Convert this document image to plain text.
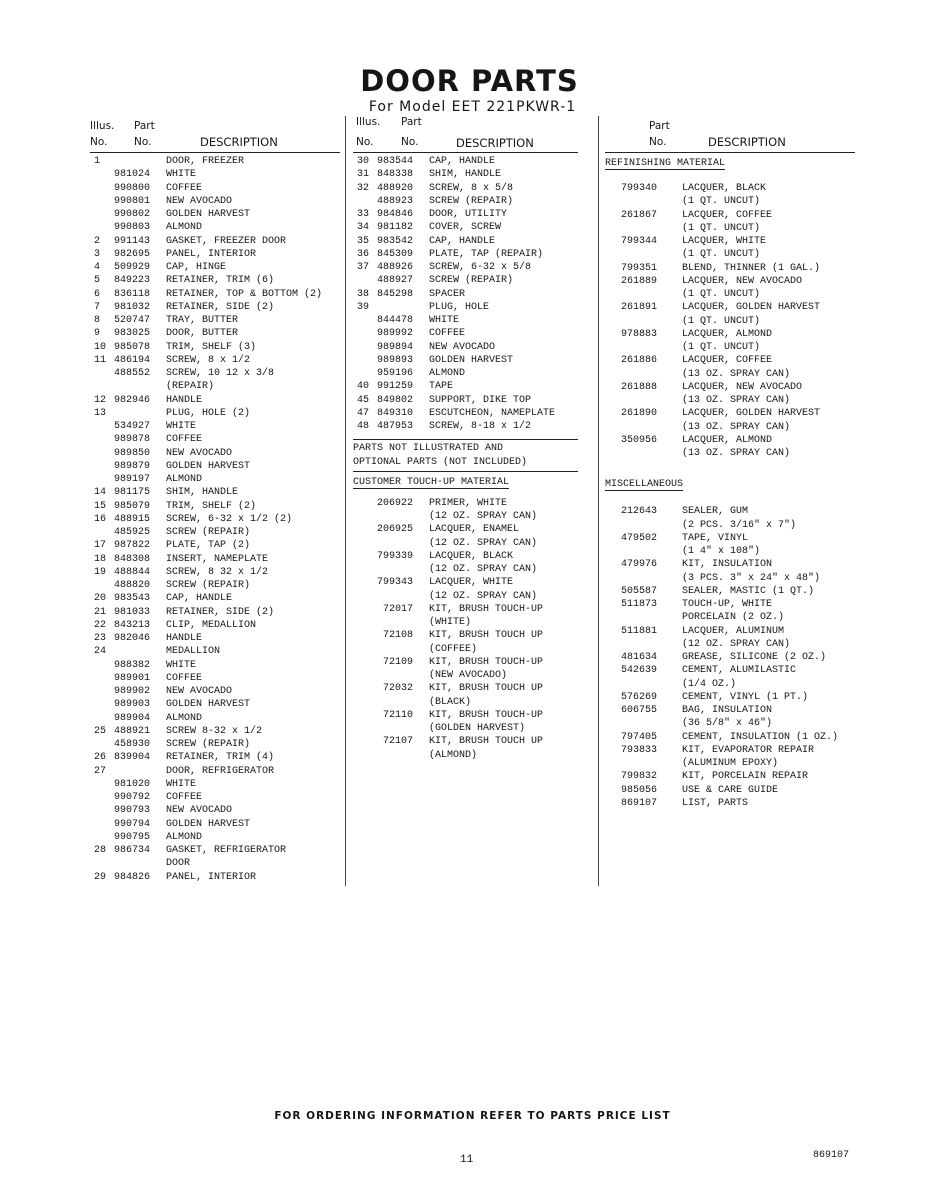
DOOR PARTS
For Model EET 221PKWR-1
Illus. Part
No.	No.	DESCRIPTION
1	DOOR, FREEZER
981024 WHITE
990800 COFFEE
990801 NEW AVOCADO
990802 GOLDEN HARVEST
990803 ALMOND
2	991143 GASKET, FREEZER DOOR
3	982695 PANEL, INTERIOR
4	509929 CAP, HINGE
5	849223 RETAINER, TRIM (6)
6	836118 RETAINER, TOP & BOTTOM (2)
7	981032 RETAINER, SIDE (2)
8	520747 TRAY, BUTTER
9	983025 DOOR, BUTTER
10 985078 TRIM, SHELF (3)
11 486194 SCREW, 8 x 1/2
488552 SCREW, 10 12 x 3/8
(REPAIR)
12 982946 HANDLE
13	PLUG, HOLE (2)
534927 WHITE
989878 COFFEE
989850 NEW AVOCADO
989879 GOLDEN HARVEST
989197 ALMOND
14 981175 SHIM, HANDLE
15 985079 TRIM, SHELF (2)
16 488915 SCREW, 6-32 x 1/2 (2)
485925 SCREW (REPAIR)
17 987822 PLATE, TAP (2)
18 848308 INSERT, NAMEPLATE
19 488844 SCREW, 8 32 x 1/2
488820 SCREW (REPAIR)
20 983543 CAP, HANDLE
21 981033 RETAINER, SIDE (2)
22 843213 CLIP, MEDALLION
23 982046 HANDLE
24	MEDALLION
988382 WHITE
989901 COFFEE
989902 NEW AVOCADO
989903 GOLDEN HARVEST
989904 ALMOND
25 488921 SCREW 8-32 x 1/2
458930 SCREW (REPAIR)
26 839904 RETAINER, TRIM (4)
27	DOOR, REFRIGERATOR
981020 WHITE
990792 COFFEE
990793 NEW AVOCADO
990794 GOLDEN HARVEST
990795 ALMOND
28 986734 GASKET, REFRIGERATOR
DOOR
29 984826 PANEL, INTERIOR
Illus. Part
No.	No.	DESCRIPTION
30 983544 CAP, HANDLE
31 848338 SHIM, HANDLE
32 488920 SCREW, 8 x 5/8
488923 SCREW (REPAIR)
33 984846 DOOR, UTILITY
34 981182 COVER, SCREW
35 983542 CAP, HANDLE
36 845309 PLATE, TAP (REPAIR)
37 488926 SCREW, 6-32 x 5/8
488927 SCREW (REPAIR)
38 845298 SPACER
39	PLUG, HOLE
844478 WHITE
989992 COFFEE
989894 NEW AVOCADO
989893 GOLDEN HARVEST
959196 ALMOND
40 991259 TAPE
45 849802 SUPPORT, DIKE TOP
47 849310 ESCUTCHEON, NAMEPLATE
48 487953 SCREW, 8-18 x 1/2
PARTS NOT ILLUSTRATED AND
OPTIONAL PARTS (NOT INCLUDED)
CUSTOMER TOUCH-UP MATERIAL
206922 PRIMER, WHITE
(12 OZ. SPRAY CAN)
206925 LACQUER, ENAMEL
(12 OZ. SPRAY CAN)
799339 LACQUER, BLACK
(12 OZ. SPRAY CAN)
799343 LACQUER, WHITE
(12 OZ. SPRAY CAN)
72017 KIT, BRUSH TOUCH-UP
(WHITE)
72108 KIT, BRUSH TOUCH UP
(COFFEE)
72109 KIT, BRUSH TOUCH-UP
(NEW AVOCADO)
72032 KIT, BRUSH TOUCH UP
(BLACK)
72110 KIT, BRUSH TOUCH-UP
(GOLDEN HARVEST)
72107 KIT, BRUSH TOUCH UP
(ALMOND)
Part
No.	DESCRIPTION
REFINISHING MATERIAL
799340	LACQUER, BLACK
(1 QT. UNCUT)
261867	LACQUER, COFFEE
(1 QT. UNCUT)
799344	LACQUER, WHITE
(1 QT. UNCUT)
799351	BLEND, THINNER (1 GAL.)
261889	LACQUER, NEW AVOCADO
(1 QT. UNCUT)
261891	LACQUER, GOLDEN HARVEST
(1 QT. UNCUT)
978883	LACQUER, ALMOND
(1 QT. UNCUT)
261886	LACQUER, COFFEE
(13 OZ. SPRAY CAN)
261888	LACQUER, NEW AVOCADO
(13 OZ. SPRAY CAN)
261890	LACQUER, GOLDEN HARVEST
(13 OZ. SPRAY CAN)
350956	LACQUER, ALMOND
(13 OZ. SPRAY CAN)
MISCELLANEOUS
212643	SEALER, GUM
(2 PCS. 3/16" x 7")
479502	TAPE, VINYL
(1 4" x 108")
479976	KIT, INSULATION
(3 PCS. 3" x 24" x 48")
505587	SEALER, MASTIC (1 QT.)
511873	TOUCH-UP, WHITE
PORCELAIN (2 OZ.)
511881	LACQUER, ALUMINUM
(12 OZ. SPRAY CAN)
481634	GREASE, SILICONE (2 OZ.)
542639	CEMENT, ALUMILASTIC
(1/4 OZ.)
576269	CEMENT, VINYL (1 PT.)
606755	BAG, INSULATION
(36 5/8" x 46")
797405	CEMENT, INSULATION (1 OZ.)
793833	KIT, EVAPORATOR REPAIR
(ALUMINUM EPOXY)
799832	KIT, PORCELAIN REPAIR
985056	USE & CARE GUIDE
869107	LIST, PARTS
FOR ORDERING INFORMATION REFER TO PARTS PRICE LIST
11	869107
